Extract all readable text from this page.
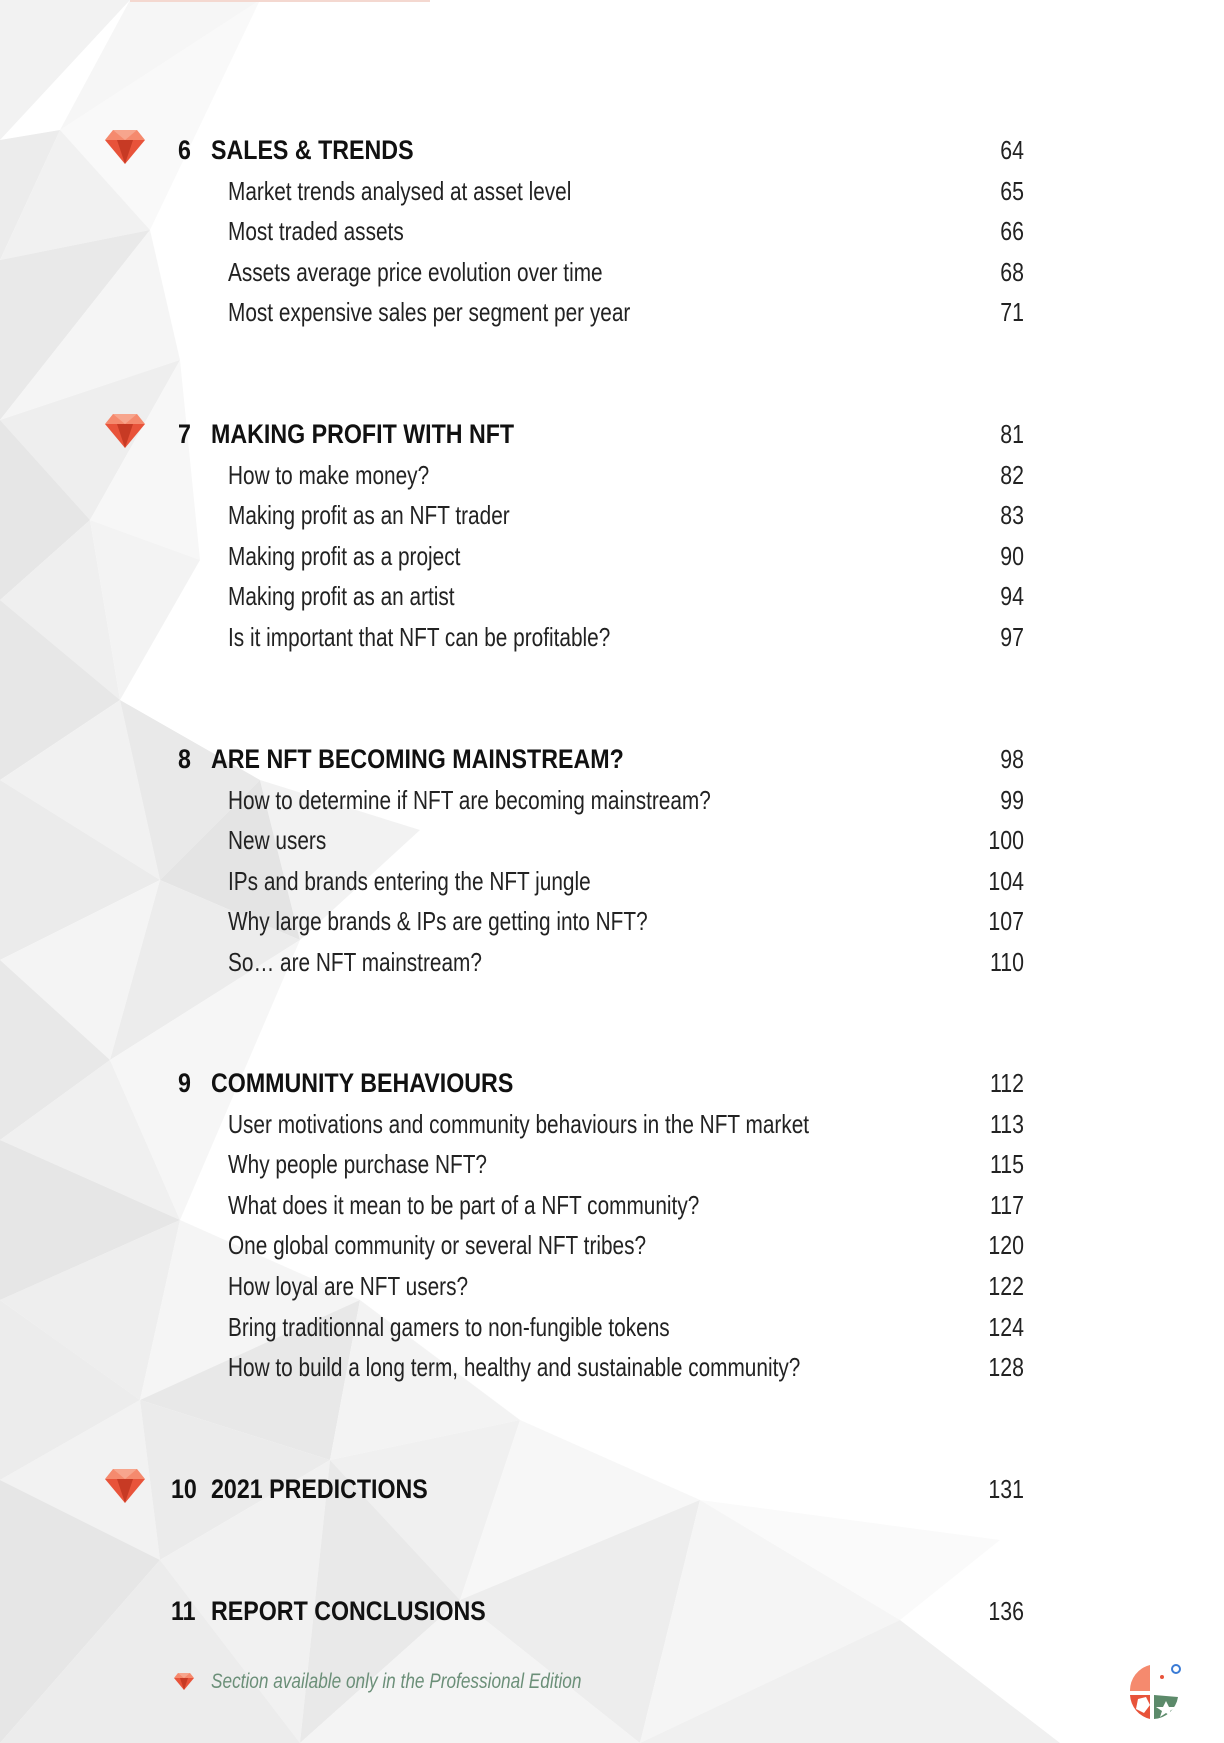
6 SALES & TRENDS	64
Market trends analysed at asset level	65
Most traded assets	66
Assets average price evolution over time	68
Most expensive sales per segment per year	71
7 MAKING PROFIT WITH NFT	81
How to make money?	82
Making profit as an NFT trader	83
Making profit as a project	90
Making profit as an artist	94
Is it important that NFT can be profitable?	97
8 ARE NFT BECOMING MAINSTREAM?	98
How to determine if NFT are becoming mainstream?	99
New users	100
IPs and brands entering the NFT jungle	104
Why large brands & IPs are getting into NFT?	107
So… are NFT mainstream?	110
9 COMMUNITY BEHAVIOURS	112
User motivations and community behaviours in the NFT market	113
Why people purchase NFT?	115
What does it mean to be part of a NFT community?	117
One global community or several NFT tribes?	120
How loyal are NFT users?	122
Bring traditionnal gamers to non-fungible tokens	124
How to build a long term, healthy and sustainable community?	128
10 2021 PREDICTIONS	131
11 REPORT CONCLUSIONS	136
Section available only in the Professional Edition
